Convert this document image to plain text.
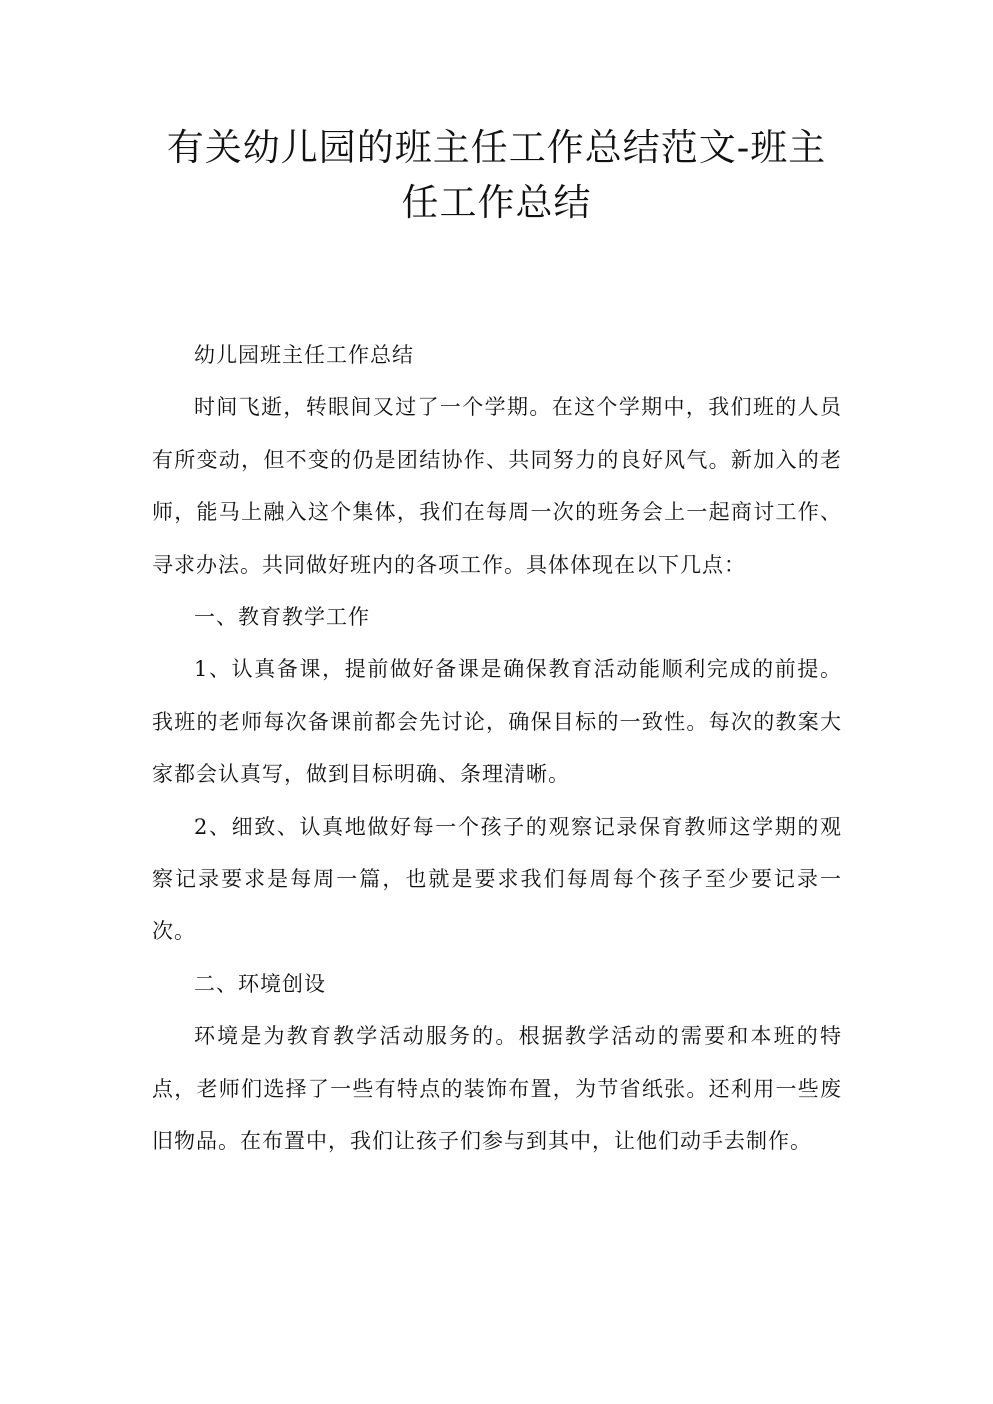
有关幼儿园的班主任工作总结范文-班主任工作总结

幼儿园班主任工作总结

时间飞逝，转眼间又过了一个学期。在这个学期中，我们班的人员有所变动，但不变的仍是团结协作、共同努力的良好风气。新加入的老师，能马上融入这个集体，我们在每周一次的班务会上一起商讨工作、寻求办法。共同做好班内的各项工作。具体体现在以下几点：

一、教育教学工作

1、认真备课，提前做好备课是确保教育活动能顺利完成的前提。我班的老师每次备课前都会先讨论，确保目标的一致性。每次的教案大家都会认真写，做到目标明确、条理清晰。

2、细致、认真地做好每一个孩子的观察记录保育教师这学期的观察记录要求是每周一篇，也就是要求我们每周每个孩子至少要记录一次。

二、环境创设

环境是为教育教学活动服务的。根据教学活动的需要和本班的特点，老师们选择了一些有特点的装饰布置，为节省纸张。还利用一些废旧物品。在布置中，我们让孩子们参与到其中，让他们动手去制作。
